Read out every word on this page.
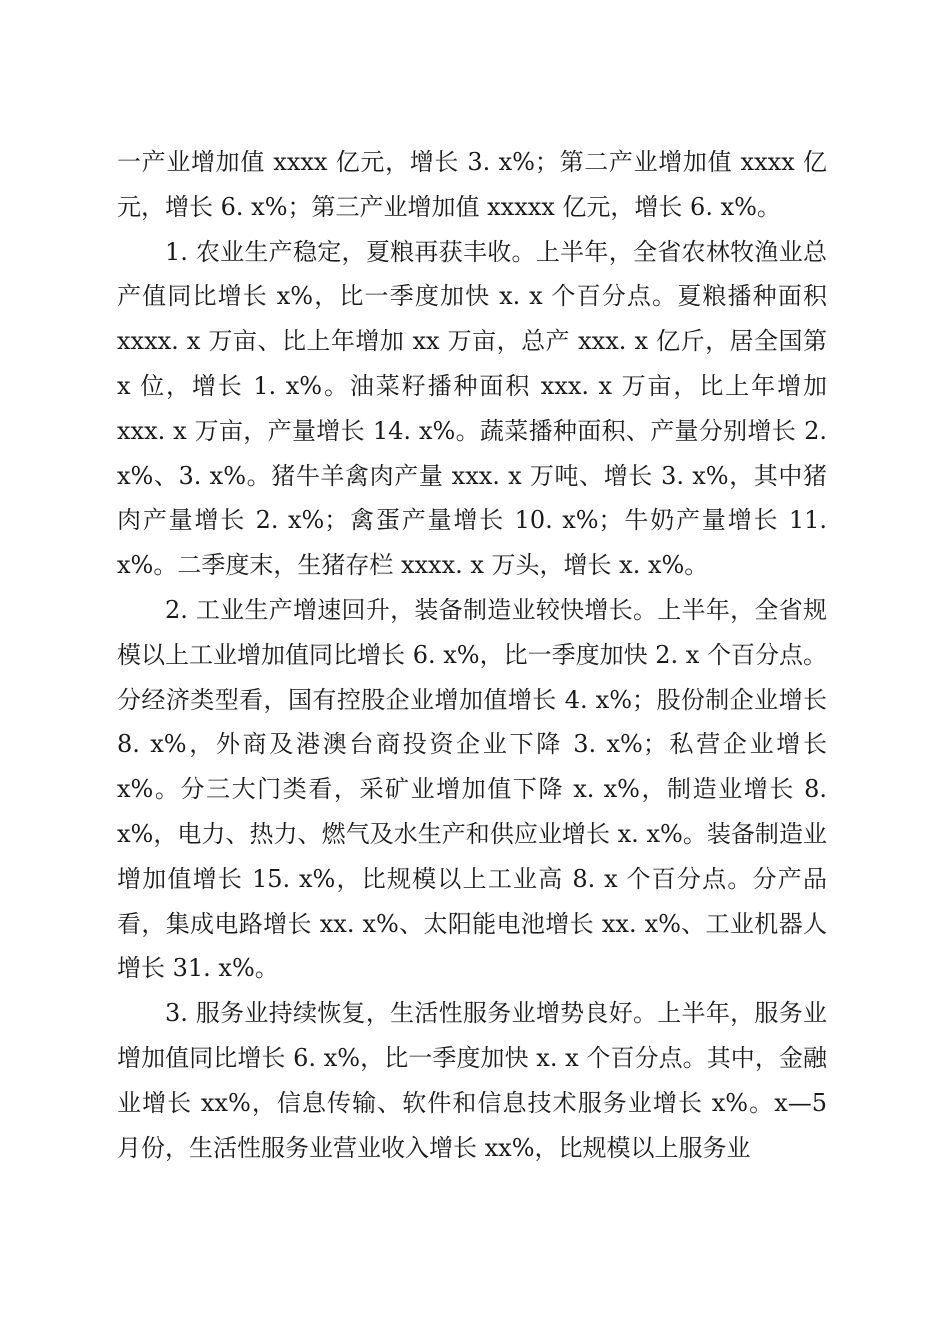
一产业增加值 xxxx 亿元，增长 3. x%；第二产业增加值 xxxx 亿元，增长 6. x%；第三产业增加值 xxxxx 亿元，增长 6. x%。

1. 农业生产稳定，夏粮再获丰收。上半年，全省农林牧渔业总产值同比增长 x%，比一季度加快 x. x 个百分点。夏粮播种面积 xxxx. x 万亩、比上年增加 xx 万亩，总产 xxx. x 亿斤，居全国第 x 位，增长 1. x%。油菜籽播种面积 xxx. x 万亩，比上年增加 xxx. x 万亩，产量增长 14. x%。蔬菜播种面积、产量分别增长 2. x%、3. x%。猪牛羊禽肉产量 xxx. x 万吨、增长 3. x%，其中猪肉产量增长 2. x%；禽蛋产量增长 10. x%；牛奶产量增长 11. x%。二季度末，生猪存栏 xxxx. x 万头，增长 x. x%。

2. 工业生产增速回升，装备制造业较快增长。上半年，全省规模以上工业增加值同比增长 6. x%，比一季度加快 2. x 个百分点。分经济类型看，国有控股企业增加值增长 4. x%；股份制企业增长 8. x%，外商及港澳台商投资企业下降 3. x%；私营企业增长 x%。分三大门类看，采矿业增加值下降 x. x%，制造业增长 8. x%，电力、热力、燃气及水生产和供应业增长 x. x%。装备制造业增加值增长 15. x%，比规模以上工业高 8. x 个百分点。分产品看，集成电路增长 xx. x%、太阳能电池增长 xx. x%、工业机器人增长 31. x%。

3. 服务业持续恢复，生活性服务业增势良好。上半年，服务业增加值同比增长 6. x%，比一季度加快 x. x 个百分点。其中，金融业增长 xx%，信息传输、软件和信息技术服务业增长 x%。x—5 月份，生活性服务业营业收入增长 xx%，比规模以上服务业
